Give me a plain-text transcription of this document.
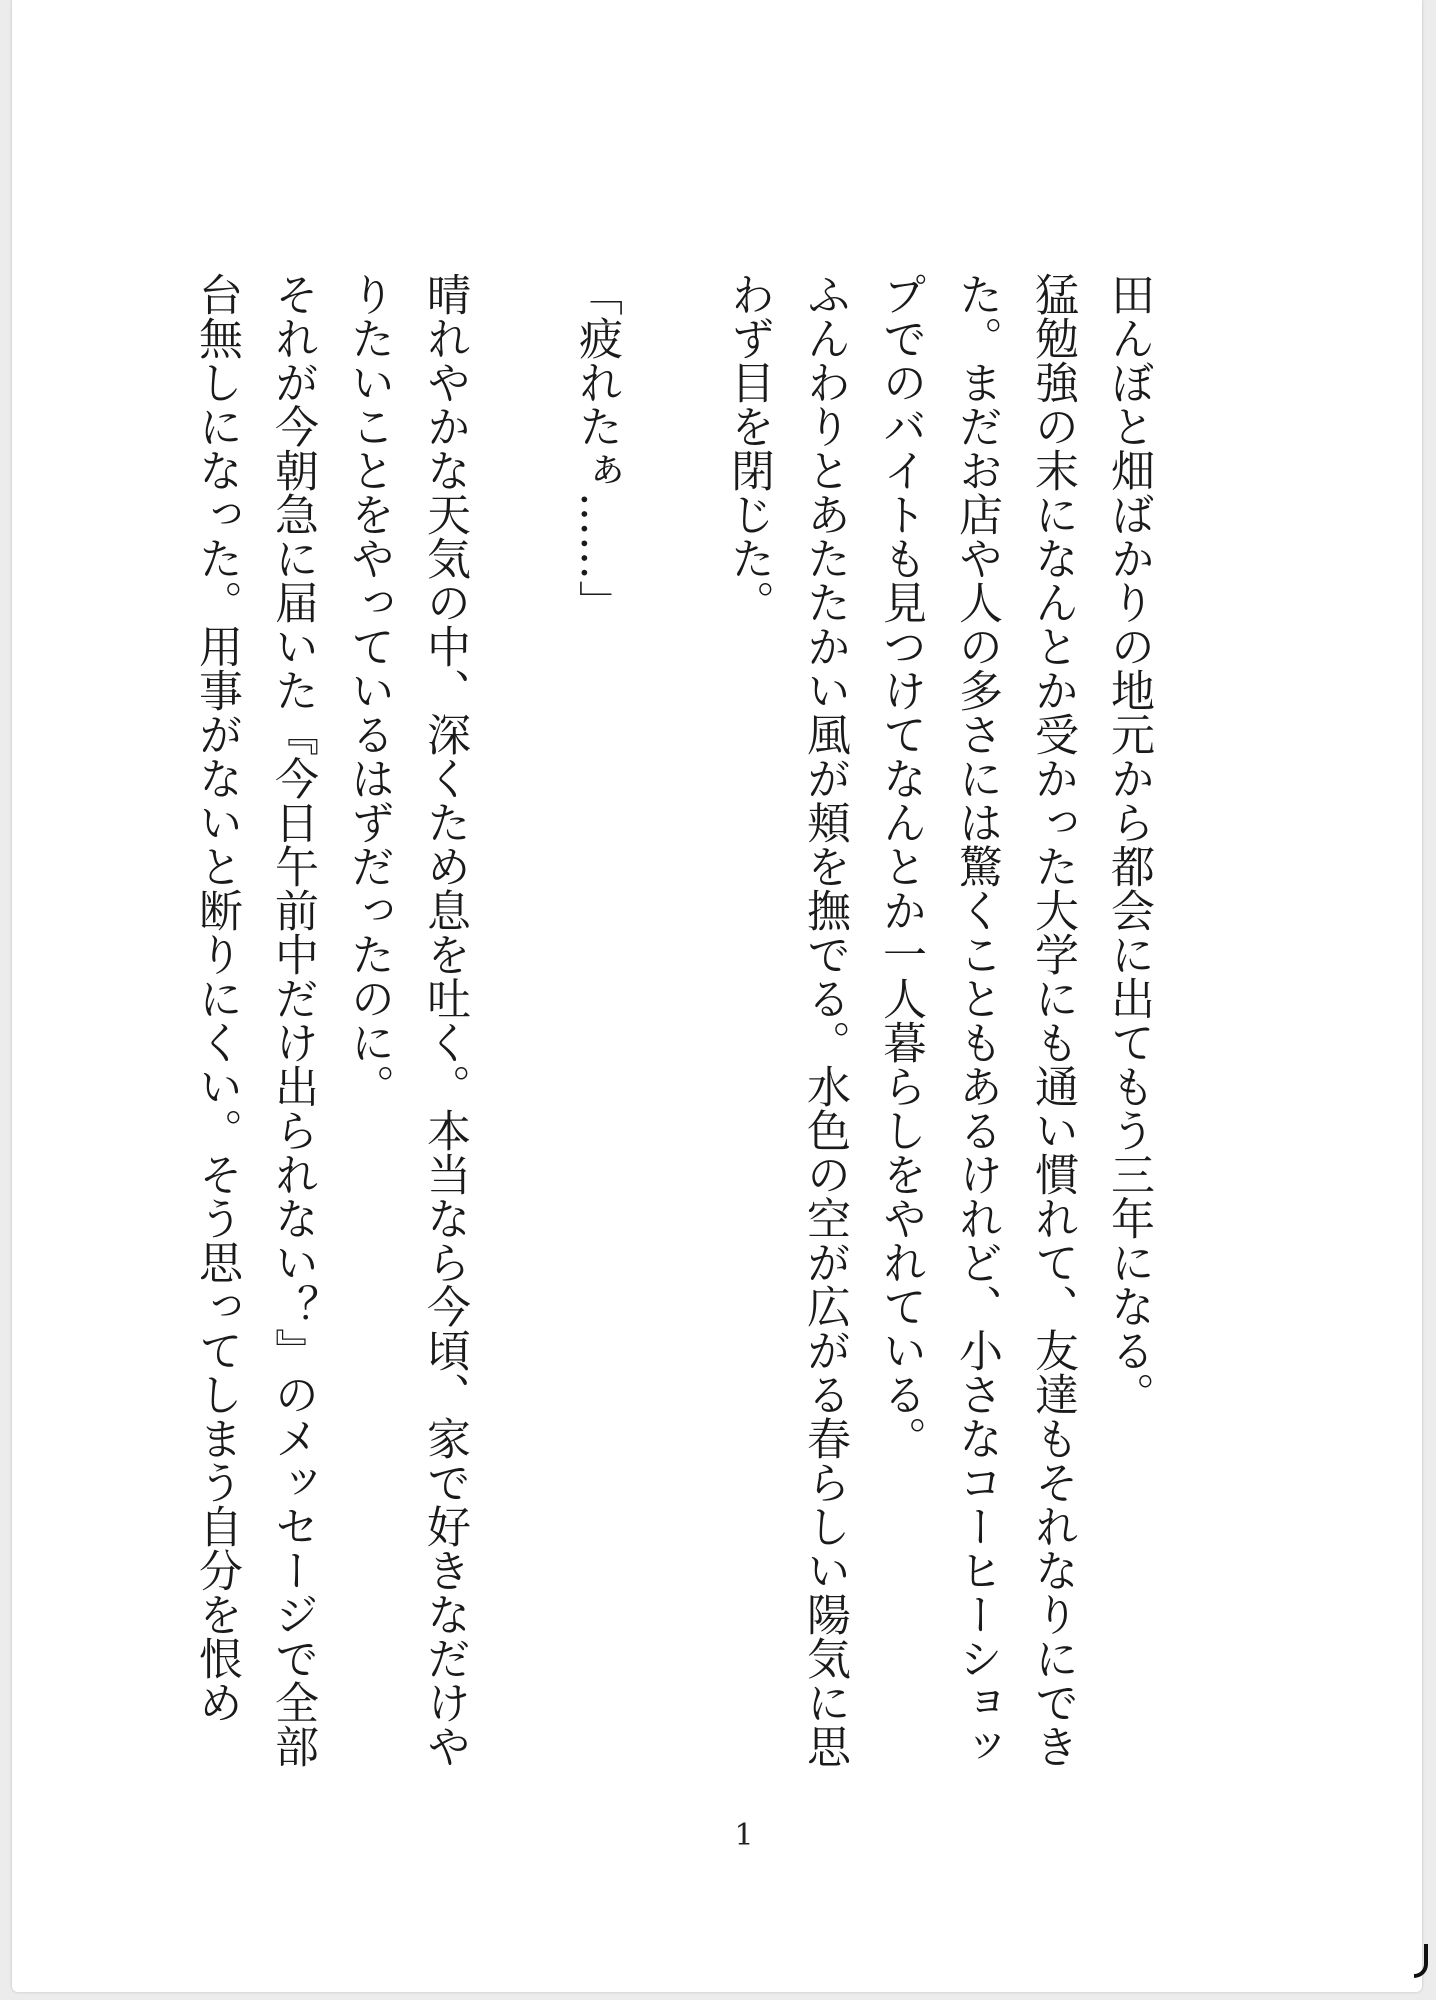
田んぼと畑ばかりの地元から都会に出てもう三年になる。

猛勉強の末になんとか受かった大学にも通い慣れて、友達もそれなりにできた。まだお店や人の多さには驚くこともあるけれど、小さなコーヒーショップでのバイトも見つけてなんとか一人暮らしをやれている。

ふんわりとあたたかい風が頬を撫でる。水色の空が広がる春らしい陽気に思わず目を閉じた。

「疲れたぁ……」

晴れやかな天気の中、深くため息を吐く。本当なら今頃、家で好きなだけやりたいことをやっているはずだったのに。

それが今朝急に届いた『今日午前中だけ出られない？』のメッセージで全部台無しになった。用事がないと断りにくい。そう思ってしまう自分を恨め

1
